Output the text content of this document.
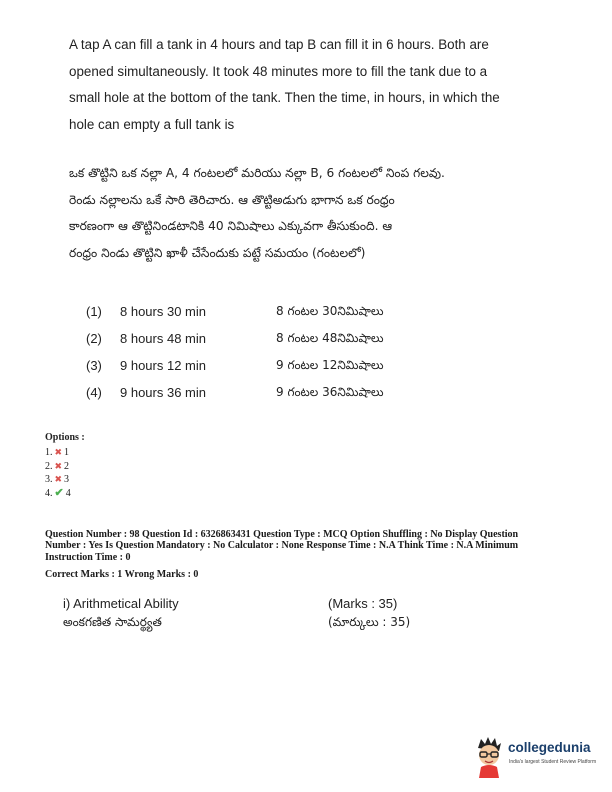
A tap A can fill a tank in 4 hours and tap B can fill it in 6 hours. Both are
opened simultaneously. It took 48 minutes more to fill the tank due to a
small hole at the bottom of the tank. Then the time, in hours, in which the
hole can empty a full tank is
ఒక తొట్టిని ఒక నల్లా A, 4 గంటలలో మరియు నల్లా B, 6 గంటలలో నింప గలవు.
రెండు నల్లాలను ఒకే సారి తెరిచారు. ఆ తొట్టిఅడుగు భాగాన ఒక రంధ్రం
కారణంగా ఆ తొట్టినిండటానికి 40 నిమిషాలు ఎక్కువగా తీసుకుంది. ఆ
రంధ్రం నిండు తొట్టిని ఖాళీ చేసేందుకు పట్టే సమయం (గంటలలో)
(1) 8 hours 30 min	8 గంటల 30నిమిషాలు
(2) 8 hours 48 min	8 గంటల 48నిమిషాలు
(3) 9 hours 12 min	9 గంటల 12నిమిషాలు
(4) 9 hours 36 min	9 గంటల 36నిమిషాలు
Options :
1. ✖ 1
2. ✖ 2
3. ✖ 3
4. ✔ 4
Question Number : 98 Question Id : 6326863431 Question Type : MCQ Option Shuffling : No Display Question
Number : Yes Is Question Mandatory : No Calculator : None Response Time : N.A Think Time : N.A Minimum
Instruction Time : 0
Correct Marks : 1 Wrong Marks : 0
i) Arithmetical Ability	(Marks : 35)
అంకగణిత సామర్థ్యత	(మార్కులు : 35)
collegedunia
India's largest Student Review Platform
